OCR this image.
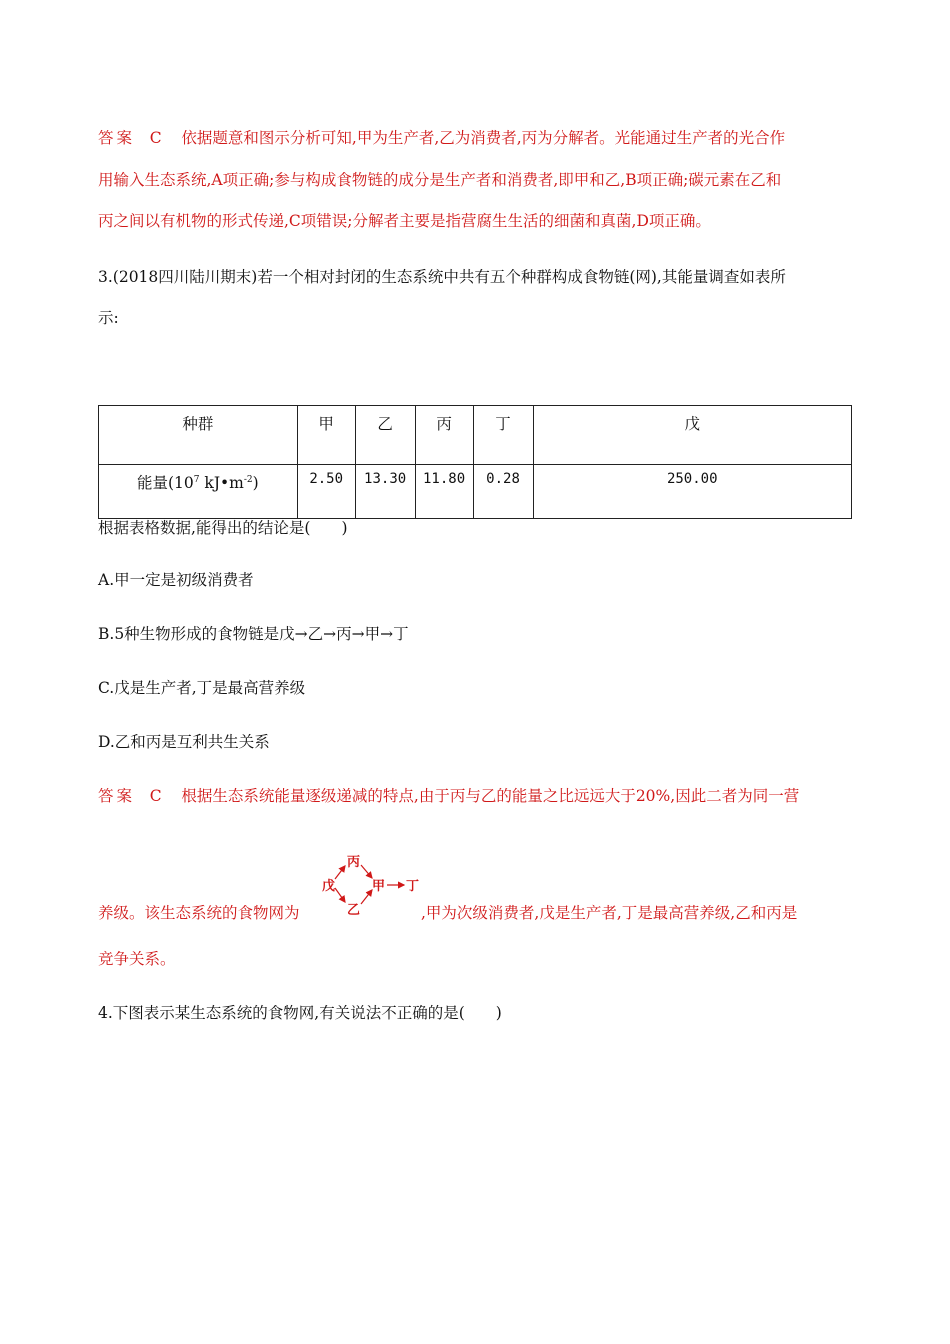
答案 C 依据题意和图示分析可知,甲为生产者,乙为消费者,丙为分解者。光能通过生产者的光合作
用输入生态系统,A项正确;参与构成食物链的成分是生产者和消费者,即甲和乙,B项正确;碳元素在乙和
丙之间以有机物的形式传递,C项错误;分解者主要是指营腐生生活的细菌和真菌,D项正确。
3.(2018四川陆川期末)若一个相对封闭的生态系统中共有五个种群构成食物链(网),其能量调查如表所
示:
种群	甲	乙	丙	丁	戊
能量($10^7$ $kJ•m^{-2}$)	2.50	13.30	11.80	0.28	250.00
根据表格数据,能得出的结论是(　　)
A.甲一定是初级消费者
B.5种生物形成的食物链是戊→乙→丙→甲→丁
C.戊是生产者,丁是最高营养级
D.乙和丙是互利共生关系
答案 C 根据生态系统能量逐级递减的特点,由于丙与乙的能量之比远远大于20%,因此二者为同一营
养级。该生态系统的食物网为
丙
戊	甲 丁
乙	,甲为次级消费者,戊是生产者,丁是最高营养级,乙和丙是
竞争关系。
4.下图表示某生态系统的食物网,有关说法不正确的是(　　)
